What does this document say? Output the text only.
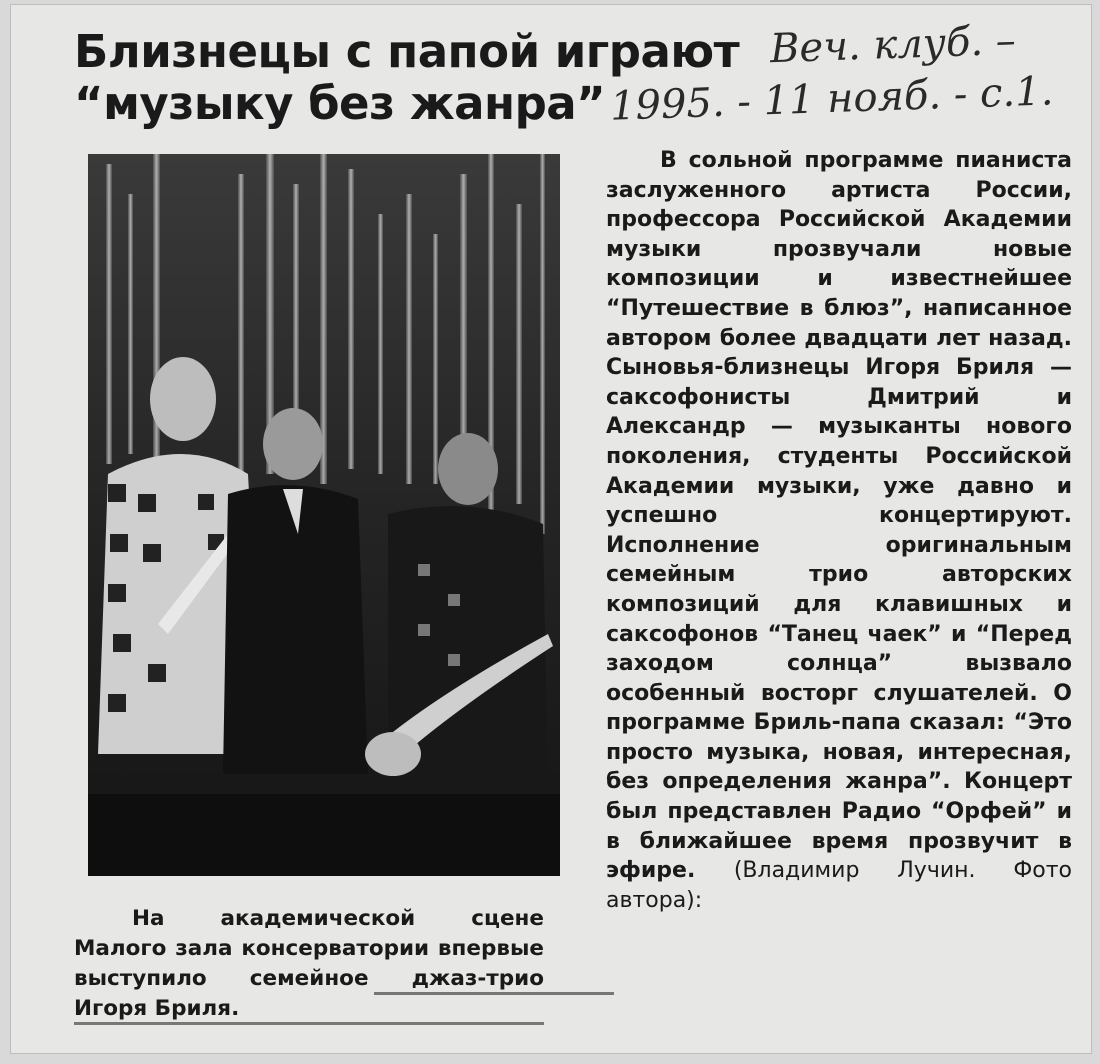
Близнецы с папой играют
“музыку без жанра”
Веч. клуб. –
1995. - 11 нояб. - с.1.
На академической сцене Малого зала консерватории впервые выступило семейное джаз-трио Игоря Бриля.

В сольной программе пианиста заслуженного артиста России, профессора Российской Академии музыки прозвучали новые композиции и известнейшее “Путешествие в блюз”, написанное автором более двадцати лет назад. Сыновья-близнецы Игоря Бриля — саксофонисты Дмитрий и Александр — музыканты нового поколения, студенты Российской Академии музыки, уже давно и успешно концертируют. Исполнение оригинальным семейным трио авторских композиций для клавишных и саксофонов “Танец чаек” и “Перед заходом солнца” вызвало особенный восторг слушателей. О программе Бриль-папа сказал: “Это просто музыка, новая, интересная, без определения жанра”. Концерт был представлен Радио “Орфей” и в ближайшее время прозвучит в эфире. (Владимир Лучин. Фото автора):
